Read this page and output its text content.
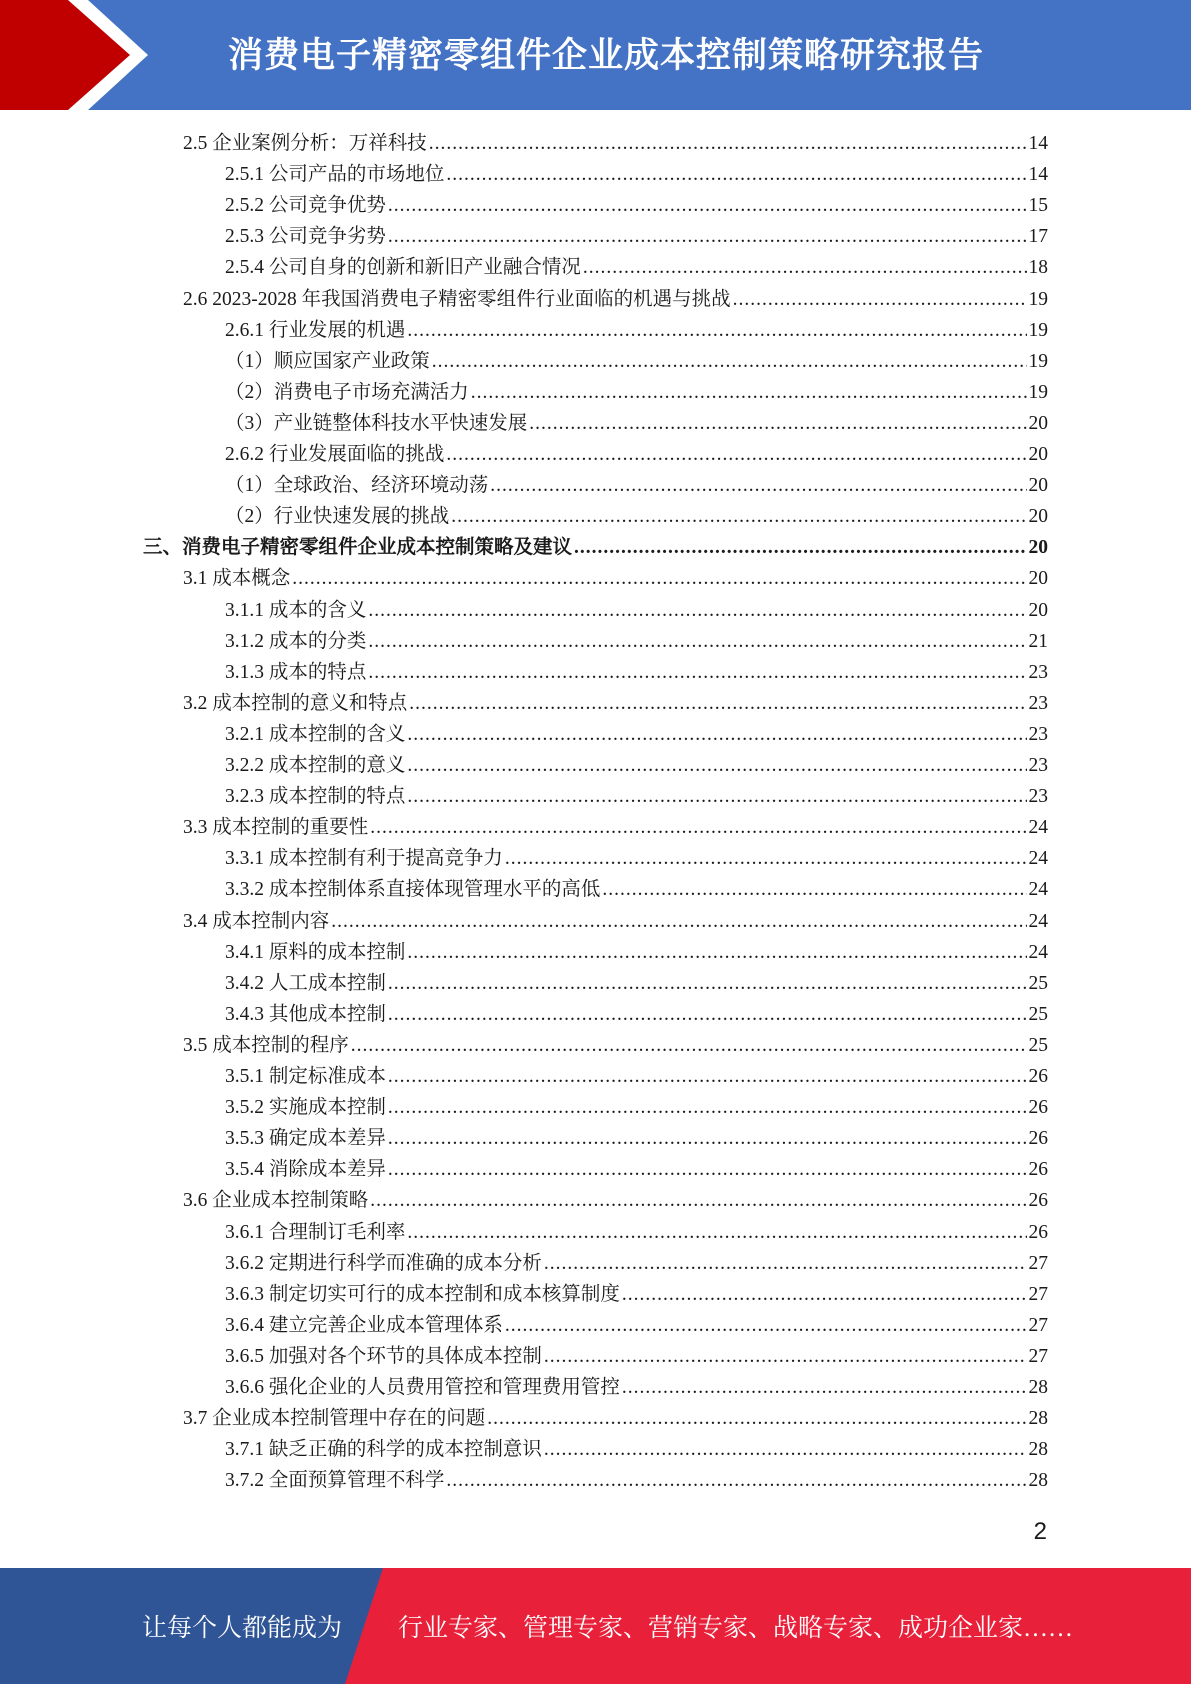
消费电子精密零组件企业成本控制策略研究报告
2.5 企业案例分析：万祥科技 .....	14
2.5.1 公司产品的市场地位 .....	14
2.5.2 公司竞争优势 .....	15
2.5.3 公司竞争劣势 .....	17
2.5.4 公司自身的创新和新旧产业融合情况 .....	18
2.6 2023-2028 年我国消费电子精密零组件行业面临的机遇与挑战 .....	19
2.6.1 行业发展的机遇 .....	19
（1）顺应国家产业政策 .....	19
（2）消费电子市场充满活力 .....	19
（3）产业链整体科技水平快速发展 .....	20
2.6.2 行业发展面临的挑战 .....	20
（1）全球政治、经济环境动荡 .....	20
（2）行业快速发展的挑战 .....	20
三、消费电子精密零组件企业成本控制策略及建议 .....	20
3.1 成本概念 .....	20
3.1.1 成本的含义 .....	20
3.1.2 成本的分类 .....	21
3.1.3 成本的特点 .....	23
3.2 成本控制的意义和特点 .....	23
3.2.1 成本控制的含义 .....	23
3.2.2 成本控制的意义 .....	23
3.2.3 成本控制的特点 .....	23
3.3 成本控制的重要性 .....	24
3.3.1 成本控制有利于提高竞争力 .....	24
3.3.2 成本控制体系直接体现管理水平的高低 .....	24
3.4 成本控制内容 .....	24
3.4.1 原料的成本控制 .....	24
3.4.2 人工成本控制 .....	25
3.4.3 其他成本控制 .....	25
3.5 成本控制的程序 .....	25
3.5.1 制定标准成本 .....	26
3.5.2 实施成本控制 .....	26
3.5.3 确定成本差异 .....	26
3.5.4 消除成本差异 .....	26
3.6 企业成本控制策略 .....	26
3.6.1 合理制订毛利率 .....	26
3.6.2 定期进行科学而准确的成本分析 .....	27
3.6.3 制定切实可行的成本控制和成本核算制度 .....	27
3.6.4 建立完善企业成本管理体系 .....	27
3.6.5 加强对各个环节的具体成本控制 .....	27
3.6.6 强化企业的人员费用管控和管理费用管控 .....	28
3.7 企业成本控制管理中存在的问题 .....	28
3.7.1 缺乏正确的科学的成本控制意识 .....	28
3.7.2 全面预算管理不科学 .....	28
2
让每个人都能成为 行业专家、管理专家、营销专家、战略专家、成功企业家……
